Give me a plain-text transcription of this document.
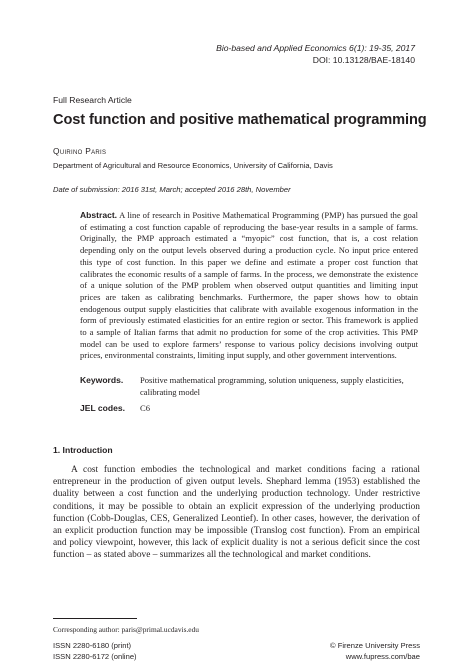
Bio-based and Applied Economics 6(1): 19-35, 2017
DOI: 10.13128/BAE-18140
Full Research Article
Cost function and positive mathematical programming
Quirino Paris
Department of Agricultural and Resource Economics, University of California, Davis
Date of submission: 2016 31st, March; accepted 2016 28th, November
Abstract. A line of research in Positive Mathematical Programming (PMP) has pursued the goal of estimating a cost function capable of reproducing the base-year results in a sample of farms. Originally, the PMP approach estimated a “myopic” cost function, that is, a cost relation depending only on the output levels observed during a production cycle. No input price entered this type of cost function. In this paper we define and estimate a proper cost function that calibrates the economic results of a sample of farms. In the process, we demonstrate the existence of a unique solution of the PMP problem when observed output quantities and limiting input prices are taken as calibrating benchmarks. Furthermore, the paper shows how to obtain endogenous output supply elasticities that calibrate with available exogenous information in the form of previously estimated elasticities for an entire region or sector. This framework is applied to a sample of Italian farms that admit no production for some of the crop activities. This PMP model can be used to explore farmers’ response to various policy decisions involving output prices, environmental constraints, limiting input supply, and other government interventions.
Keywords.	Positive mathematical programming, solution uniqueness, supply elasticities, calibrating model
JEL codes.	C6
1. Introduction
A cost function embodies the technological and market conditions facing a rational entrepreneur in the production of given output levels. Shephard lemma (1953) established the duality between a cost function and the underlying production technology. Under restrictive conditions, it may be possible to obtain an explicit expression of the underlying production function (Cobb-Douglas, CES, Generalized Leontief). In other cases, however, the derivation of an explicit production function may be impossible (Translog cost function). From an empirical and policy viewpoint, however, this lack of explicit duality is not a serious deficit since the cost function – as stated above – summarizes all the technological and market conditions.
Corresponding author: paris@primal.ucdavis.edu
ISSN 2280-6180 (print)
ISSN 2280-6172 (online)
© Firenze University Press
www.fupress.com/bae
